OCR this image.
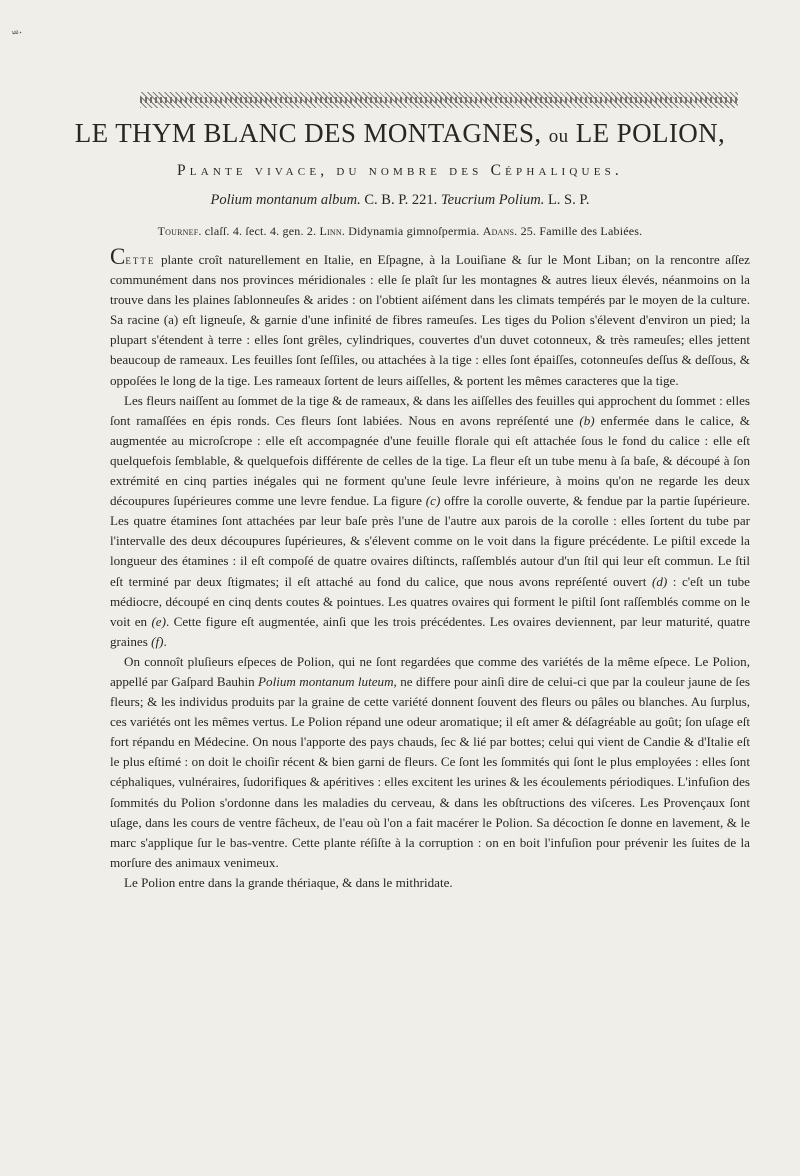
ᵛ̶ᵉ·
LE THYM BLANC DES MONTAGNES, ou LE POLION,
Plante vivace, du nombre des Céphaliques.

Polium montanum album. C. B. P. 221. Teucrium Polium. L. S. P.

Tournef. claſſ. 4. ſect. 4. gen. 2. Linn. Didynamia gimnoſpermia. Adans. 25. Famille des Labiées.

Cette plante croît naturellement en Italie, en Eſpagne, à la Louiſiane & ſur le Mont Liban; on la rencontre aſſez communément dans nos provinces méridionales : elle ſe plaît ſur les montagnes & autres lieux élevés, néanmoins on la trouve dans les plaines ſablonneuſes & arides : on l'obtient aiſément dans les climats tempérés par le moyen de la culture. Sa racine (a) eſt ligneuſe, & garnie d'une infinité de fibres rameuſes. Les tiges du Polion s'élevent d'environ un pied; la plupart s'étendent à terre : elles ſont grêles, cylindriques, couvertes d'un duvet cotonneux, & très rameuſes; elles jettent beaucoup de rameaux. Les feuilles ſont ſeſſiles, ou attachées à la tige : elles ſont épaiſſes, cotonneuſes deſſus & deſſous, & oppoſées le long de la tige. Les rameaux ſortent de leurs aiſſelles, & portent les mêmes caracteres que la tige.

Les fleurs naiſſent au ſommet de la tige & de rameaux, & dans les aiſſelles des feuilles qui approchent du ſommet : elles ſont ramaſſées en épis ronds. Ces fleurs ſont labiées. Nous en avons repréſenté une (b) enfermée dans le calice, & augmentée au microſcrope : elle eſt accompagnée d'une feuille florale qui eſt attachée ſous le fond du calice : elle eſt quelquefois ſemblable, & quelquefois différente de celles de la tige. La fleur eſt un tube menu à ſa baſe, & découpé à ſon extrémité en cinq parties inégales qui ne forment qu'une ſeule levre inférieure, à moins qu'on ne regarde les deux découpures ſupérieures comme une levre fendue. La figure (c) offre la corolle ouverte, & fendue par la partie ſupérieure. Les quatre étamines ſont attachées par leur baſe près l'une de l'autre aux parois de la corolle : elles ſortent du tube par l'intervalle des deux découpures ſupérieures, & s'élevent comme on le voit dans la figure précédente. Le piſtil excede la longueur des étamines : il eſt compoſé de quatre ovaires diſtincts, raſſemblés autour d'un ſtil qui leur eſt commun. Le ſtil eſt terminé par deux ſtigmates; il eſt attaché au fond du calice, que nous avons repréſenté ouvert (d) : c'eſt un tube médiocre, découpé en cinq dents coutes & pointues. Les quatres ovaires qui forment le piſtil ſont raſſemblés comme on le voit en (e). Cette figure eſt augmentée, ainſi que les trois précédentes. Les ovaires deviennent, par leur maturité, quatre graines (f).

On connoît pluſieurs eſpeces de Polion, qui ne ſont regardées que comme des variétés de la même eſpece. Le Polion, appellé par Gaſpard Bauhin Polium montanum luteum, ne differe pour ainſi dire de celui-ci que par la couleur jaune de ſes fleurs; & les individus produits par la graine de cette variété donnent ſouvent des fleurs ou pâles ou blanches. Au ſurplus, ces variétés ont les mêmes vertus. Le Polion répand une odeur aromatique; il eſt amer & déſagréable au goût; ſon uſage eſt fort répandu en Médecine. On nous l'apporte des pays chauds, ſec & lié par bottes; celui qui vient de Candie & d'Italie eſt le plus eſtimé : on doit le choiſir récent & bien garni de fleurs. Ce ſont les ſommités qui ſont le plus employées : elles ſont céphaliques, vulnéraires, ſudorifiques & apéritives : elles excitent les urines & les écoulements périodiques. L'infuſion des ſommités du Polion s'ordonne dans les maladies du cerveau, & dans les obſtructions des viſceres. Les Provençaux ſont uſage, dans les cours de ventre fâcheux, de l'eau où l'on a fait macérer le Polion. Sa décoction ſe donne en lavement, & le marc s'applique ſur le bas-ventre. Cette plante réſiſte à la corruption : on en boit l'infuſion pour prévenir les ſuites de la morſure des animaux venimeux.

Le Polion entre dans la grande thériaque, & dans le mithridate.
